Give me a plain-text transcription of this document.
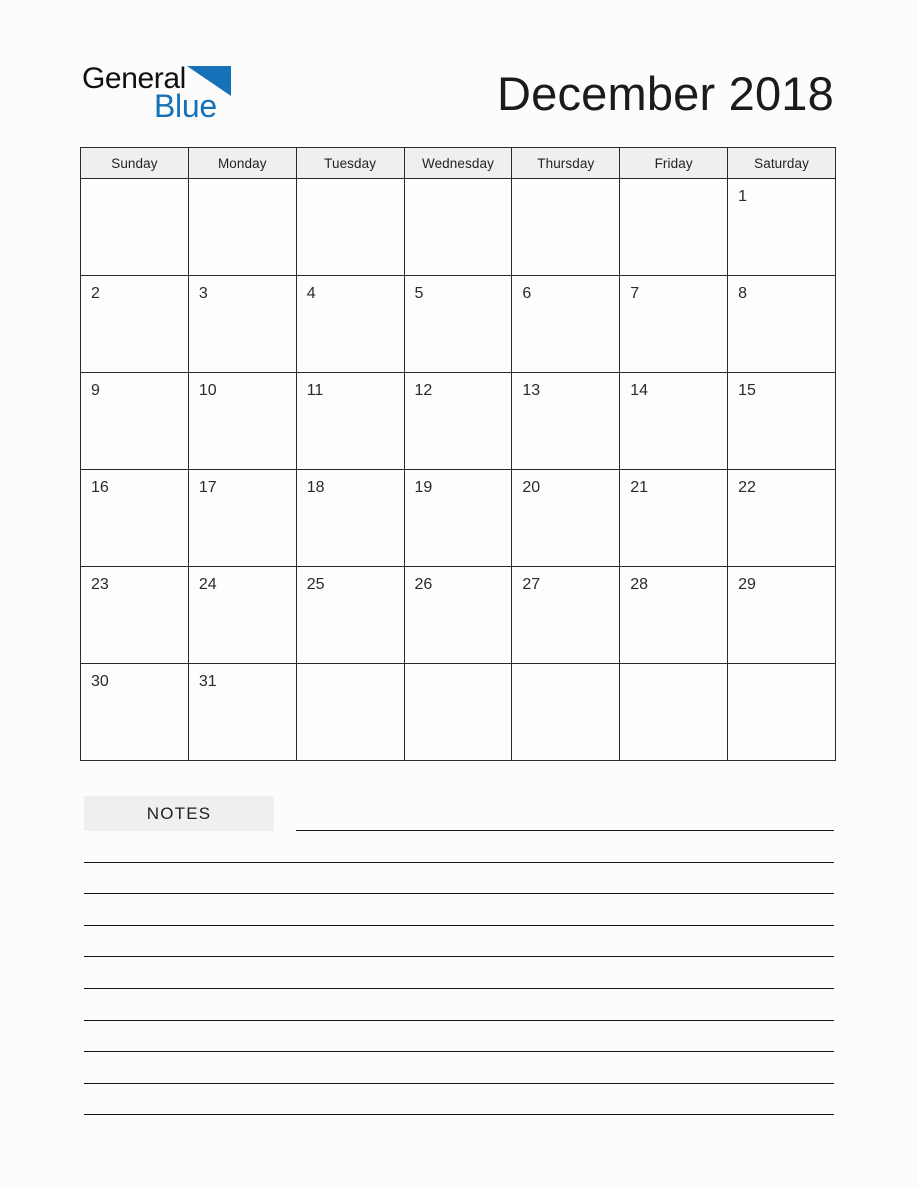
General
Blue	December 2018
Sunday	Monday	Tuesday	Wednesday	Thursday	Friday	Saturday

						1

2	3	4	5	6	7	8

9	10	11	12	13	14	15

16	17	18	19	20	21	22

23	24	25	26	27	28	29

30	31					

NOTES
